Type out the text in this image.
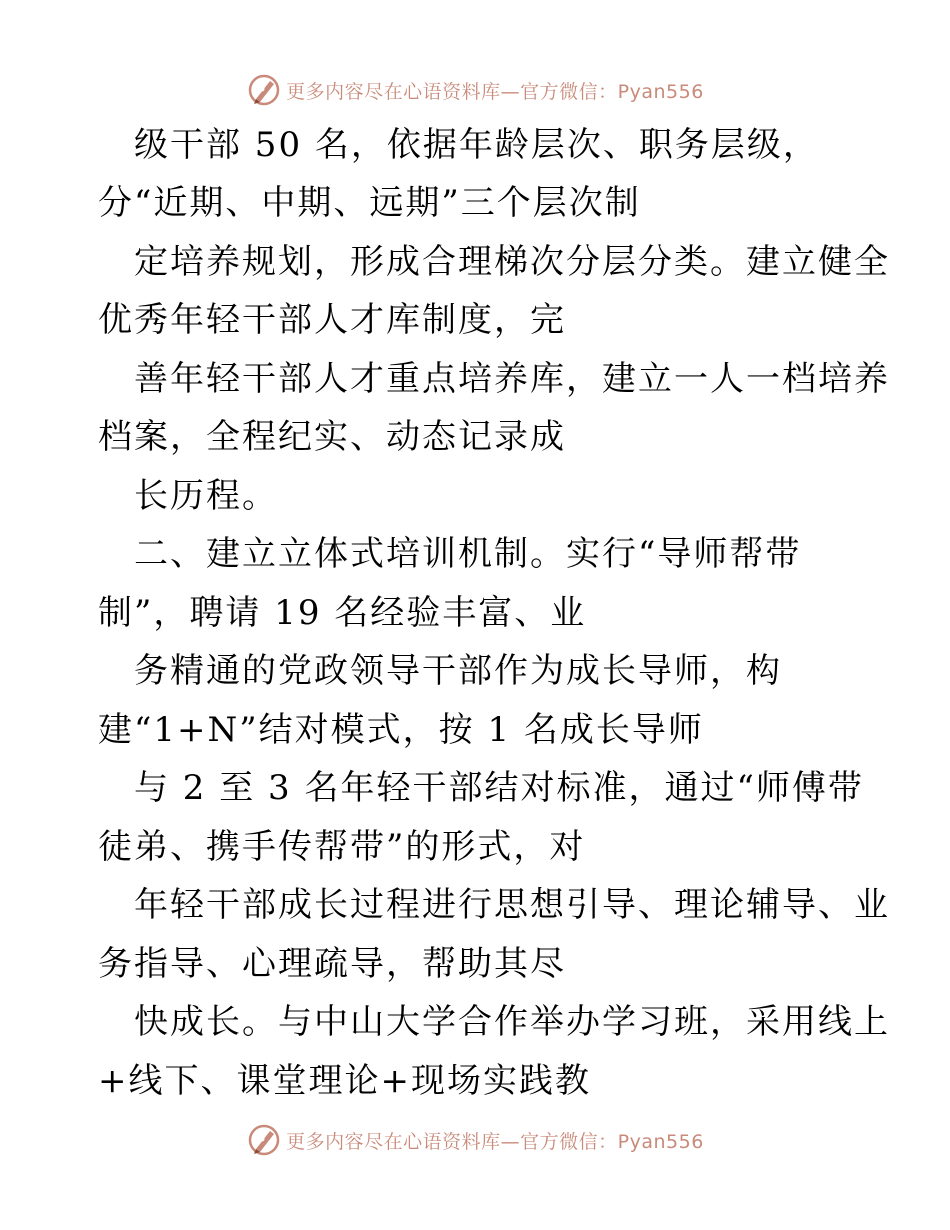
更多内容尽在心语资料库—官方微信：Pyan556
级干部 50 名，依据年龄层次、职务层级，
分“近期、中期、远期”三个层次制
定培养规划，形成合理梯次分层分类。建立健全
优秀年轻干部人才库制度，完
善年轻干部人才重点培养库，建立一人一档培养
档案，全程纪实、动态记录成
长历程。
二、建立立体式培训机制。实行“导师帮带
制”，聘请 19 名经验丰富、业
务精通的党政领导干部作为成长导师，构
建“1+N”结对模式，按 1 名成长导师
与 2 至 3 名年轻干部结对标准，通过“师傅带
徒弟、携手传帮带”的形式，对
年轻干部成长过程进行思想引导、理论辅导、业
务指导、心理疏导，帮助其尽
快成长。与中山大学合作举办学习班，采用线上
+线下、课堂理论+现场实践教
更多内容尽在心语资料库—官方微信：Pyan556
